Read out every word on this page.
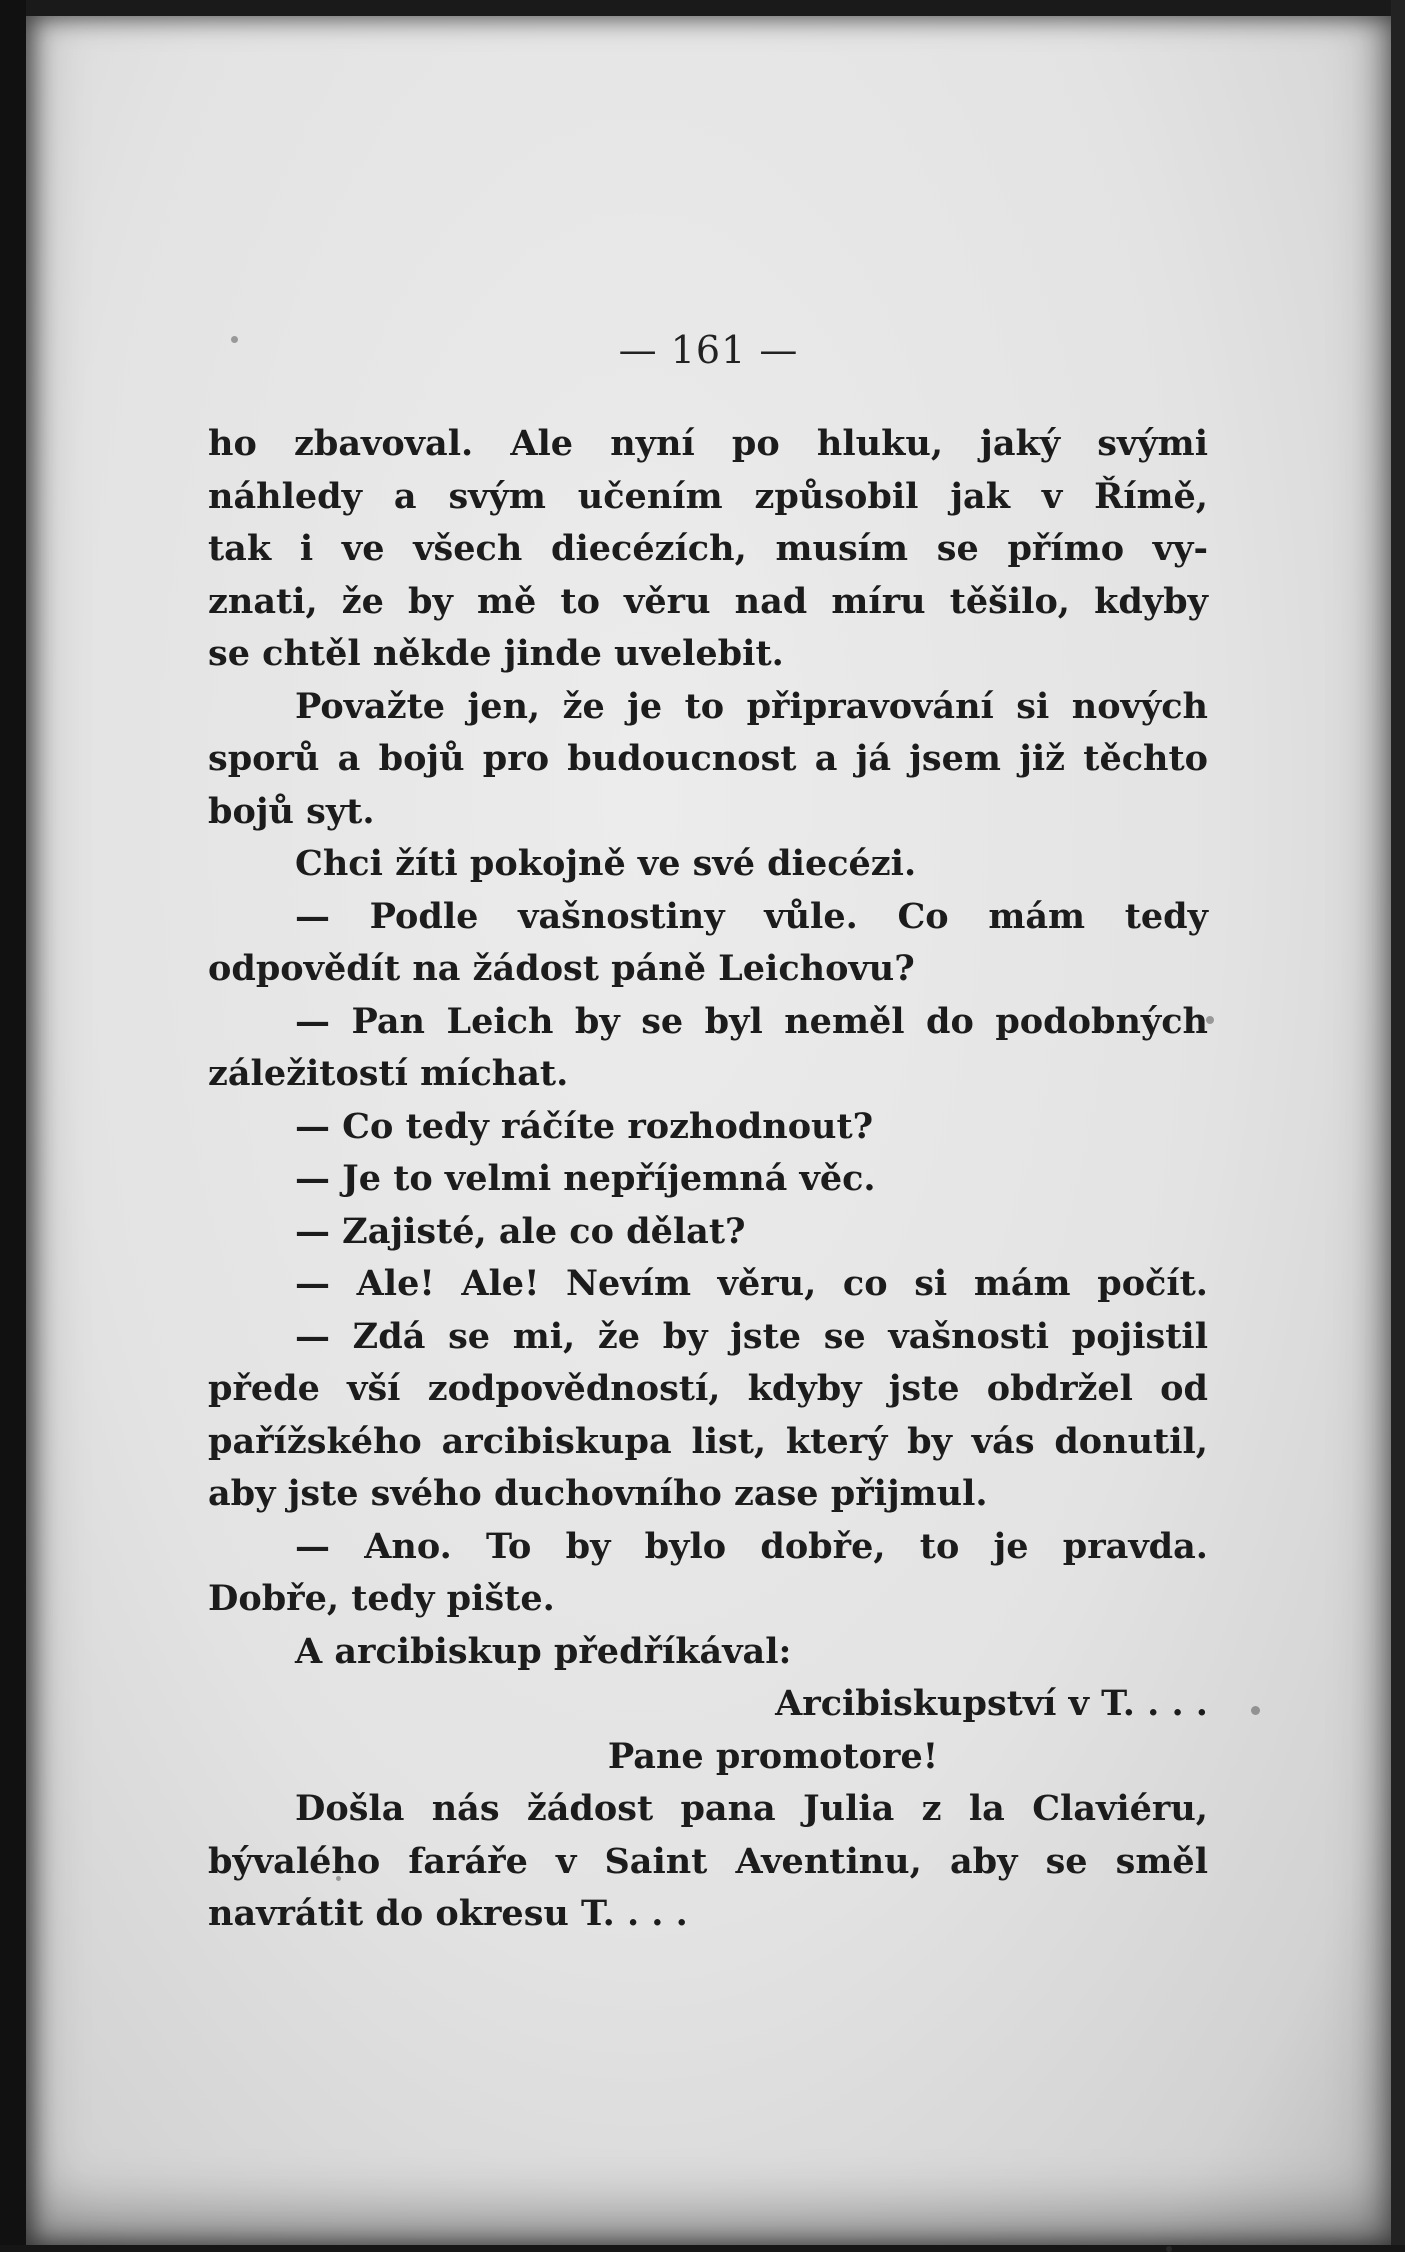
— 161 —
ho zbavoval. Ale nyní po hluku, jaký svými
náhledy a svým učením způsobil jak v Římě,
tak i ve všech diecézích, musím se přímo vy-
znati, že by mě to věru nad míru těšilo, kdyby
se chtěl někde jinde uvelebit.
Považte jen, že je to připravování si nových
sporů a bojů pro budoucnost a já jsem již těchto
bojů syt.
Chci žíti pokojně ve své diecézi.
— Podle vašnostiny vůle. Co mám tedy
odpovědít na žádost páně Leichovu?
— Pan Leich by se byl neměl do podobných
záležitostí míchat.
— Co tedy ráčíte rozhodnout?
— Je to velmi nepříjemná věc.
— Zajisté, ale co dělat?
— Ale! Ale! Nevím věru, co si mám počít.
— Zdá se mi, že by jste se vašnosti pojistil
přede vší zodpovědností, kdyby jste obdržel od
pařížského arcibiskupa list, který by vás donutil,
aby jste svého duchovního zase přijmul.
— Ano. To by bylo dobře, to je pravda.
Dobře, tedy pište.
A arcibiskup předříkával:
Arcibiskupství v T. . . .
Pane promotore!
Došla nás žádost pana Julia z la Claviéru,
bývalého faráře v Saint Aventinu, aby se směl
navrátit do okresu T. . . .
